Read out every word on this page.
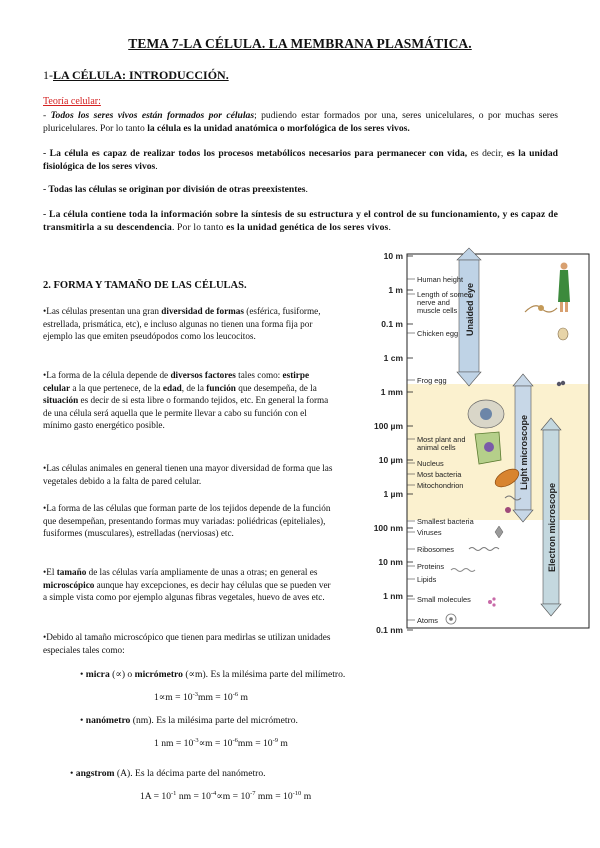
TEMA 7-LA CÉLULA. LA MEMBRANA PLASMÁTICA.
1-LA CÉLULA: INTRODUCCIÓN.
Teoría celular:
- Todos los seres vivos están formados por células; pudiendo estar formados por una, seres unicelulares, o por muchas seres pluricelulares. Por lo tanto la célula es la unidad anatómica o morfológica de los seres vivos.
- La célula es capaz de realizar todos los procesos metabólicos necesarios para permanecer con vida, es decir, es la unidad fisiológica de los seres vivos.
- Todas las células se originan por división de otras preexistentes.
- La célula contiene toda la información sobre la síntesis de su estructura y el control de su funcionamiento, y es capaz de transmitirla a su descendencia. Por lo tanto es la unidad genética de los seres vivos.
2. FORMA Y TAMAÑO DE LAS CÉLULAS.
•Las células presentan una gran diversidad de formas (esférica, fusiforme, estrellada, prismática, etc), e incluso algunas no tienen una forma fija por ejemplo las que emiten pseudópodos como los leucocitos.
•La forma de la célula depende de diversos factores tales como: estirpe celular a la que pertenece, de la edad, de la función que desempeña, de la situación es decir de si esta libre o formando tejidos, etc. En general la forma de una célula será aquella que le permite llevar a cabo su función con el mínimo gasto energético posible.
•Las células animales en general tienen una mayor diversidad de forma que las vegetales debido a la falta de pared celular.
•La forma de las células que forman parte de los tejidos depende de la función que desempeñan, presentando formas muy variadas: poliédricas (epiteliales), fusiformes (musculares), estrelladas (nerviosas) etc.
•El tamaño de las células varía ampliamente de unas a otras; en general es microscópico aunque hay excepciones, es decir hay células que se pueden ver a simple vista como por ejemplo algunas fibras vegetales, huevo de aves etc.
•Debido al tamaño microscópico que tienen para medirlas se utilizan unidades especiales tales como:
• micra (∝) o micrómetro (∝m). Es la milésima parte del milímetro.
$1\propto m = 10^{-3}mm = 10^{-6}$ m
• nanómetro (nm). Es la milésima parte del micrómetro.
1 nm = $10^{-3}\propto m = 10^{-6}mm = 10^{-9}$ m
• angstrom (A). Es la décima parte del nanómetro.
$1A = 10^{-1}$ nm = $10^{-4}\propto m = 10^{-7}$ mm = $10^{-10}$ m
Unaided eye
Light microscope
Electron microscope
10 m
1 m
0.1 m
1 cm
1 mm
100 µm
10 µm
1 µm
100 nm
10 nm
1 nm
0.1 nm
Human height
Length of some
nerve and
muscle cells
Chicken egg
Frog egg
Most plant and
animal cells
Nucleus
Most bacteria
Mitochondrion
Smallest bacteria
Viruses
Ribosomes
Proteins
Lipids
Small molecules
Atoms
